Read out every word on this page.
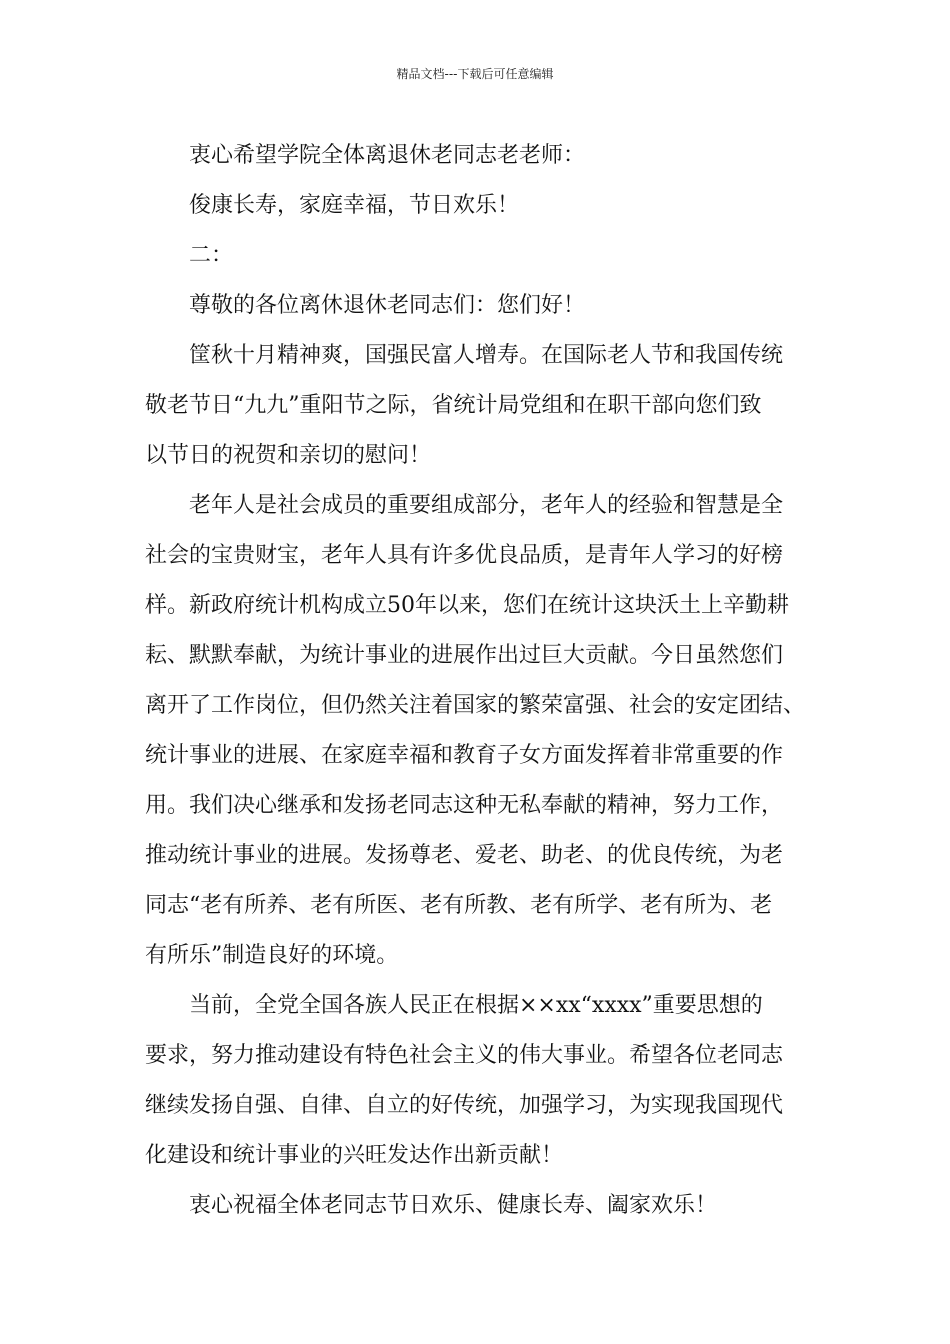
精品文档---下载后可任意编辑
衷心希望学院全体离退休老同志老老师：
俊康长寿，家庭幸福，节日欢乐！
二：
尊敬的各位离休退休老同志们：您们好！
筐秋十月精神爽，国强民富人增寿。在国际老人节和我国传统
敬老节日“九九”重阳节之际，省统计局党组和在职干部向您们致
以节日的祝贺和亲切的慰问！
老年人是社会成员的重要组成部分，老年人的经验和智慧是全
社会的宝贵财宝，老年人具有许多优良品质，是青年人学习的好榜
样。新政府统计机构成立50年以来，您们在统计这块沃土上辛勤耕
耘、默默奉献，为统计事业的进展作出过巨大贡献。今日虽然您们
离开了工作岗位，但仍然关注着国家的繁荣富强、社会的安定团结、
统计事业的进展、在家庭幸福和教育子女方面发挥着非常重要的作
用。我们决心继承和发扬老同志这种无私奉献的精神，努力工作，
推动统计事业的进展。发扬尊老、爱老、助老、的优良传统，为老
同志“老有所养、老有所医、老有所教、老有所学、老有所为、老
有所乐”制造良好的环境。
当前，全党全国各族人民正在根据××xx“xxxx”重要思想的
要求，努力推动建设有特色社会主义的伟大事业。希望各位老同志
继续发扬自强、自律、自立的好传统，加强学习，为实现我国现代
化建设和统计事业的兴旺发达作出新贡献！
衷心祝福全体老同志节日欢乐、健康长寿、阖家欢乐！
